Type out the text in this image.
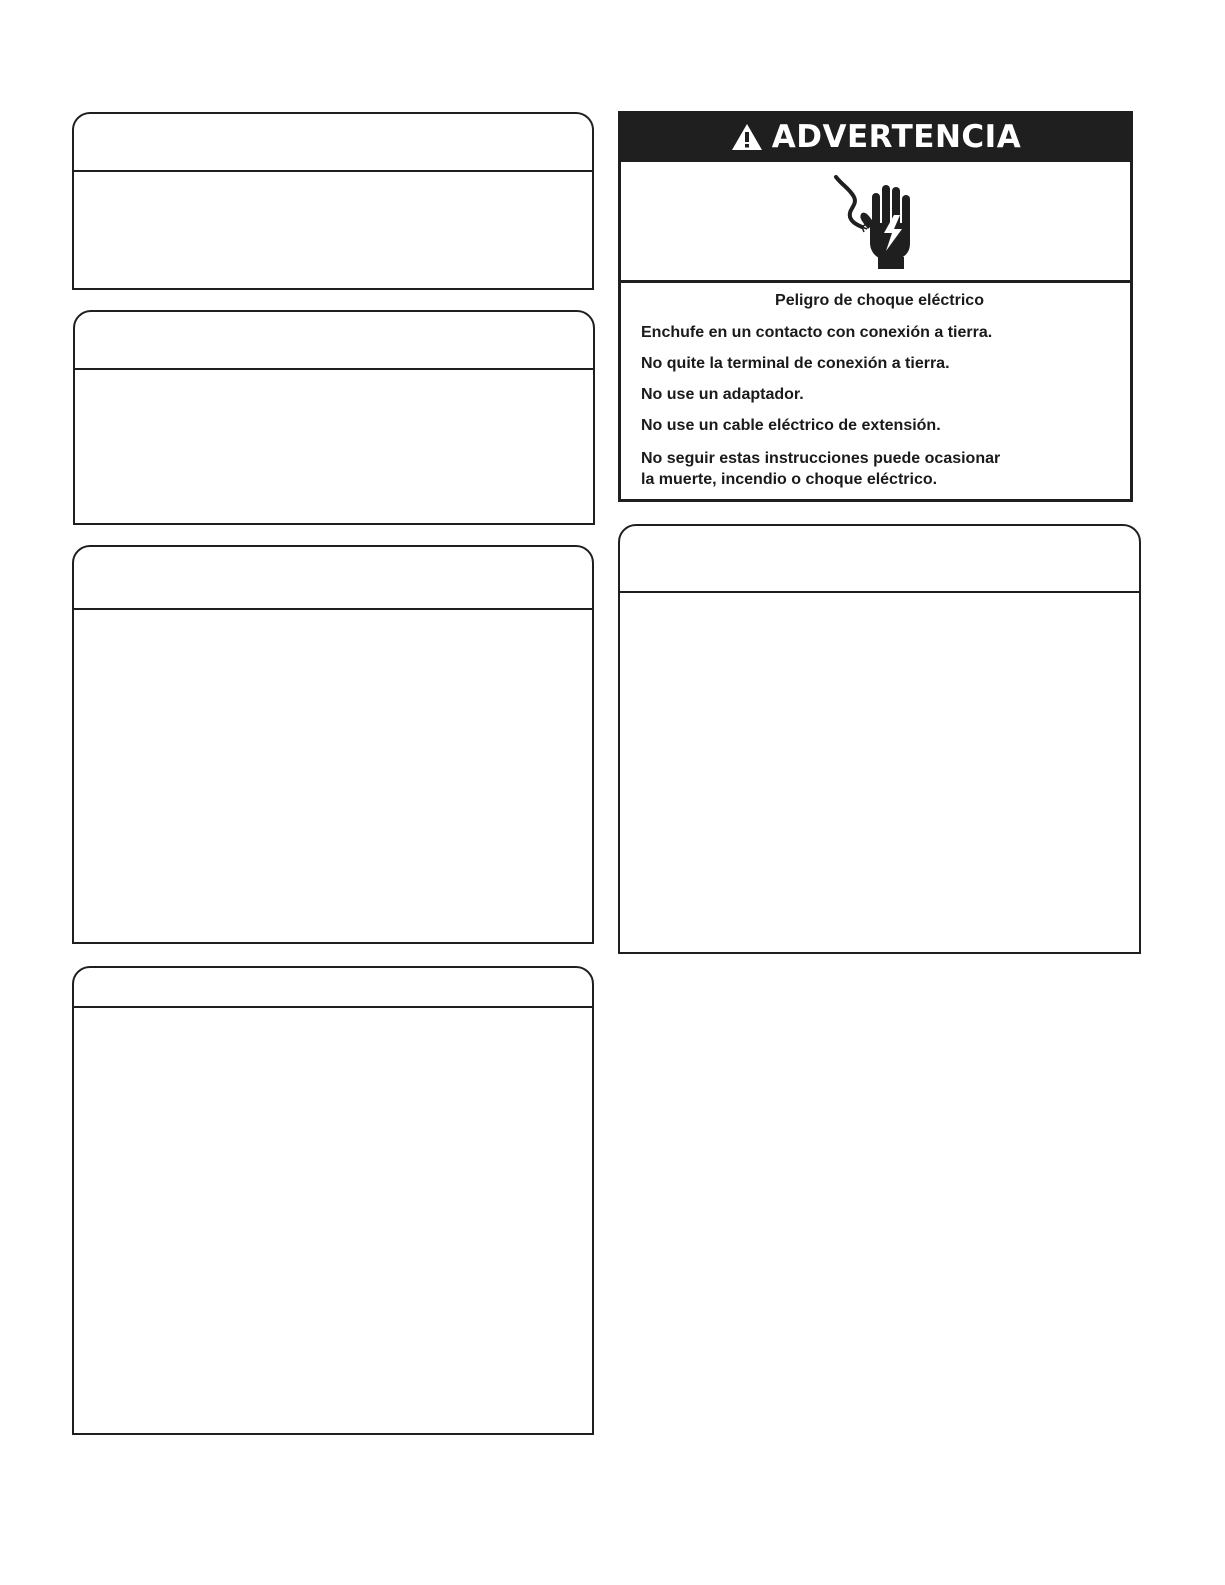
ADVERTENCIA
Peligro de choque eléctrico
Enchufe en un contacto con conexión a tierra.
No quite la terminal de conexión a tierra.
No use un adaptador.
No use un cable eléctrico de extensión.
No seguir estas instrucciones puede ocasionar
la muerte, incendio o choque eléctrico.
